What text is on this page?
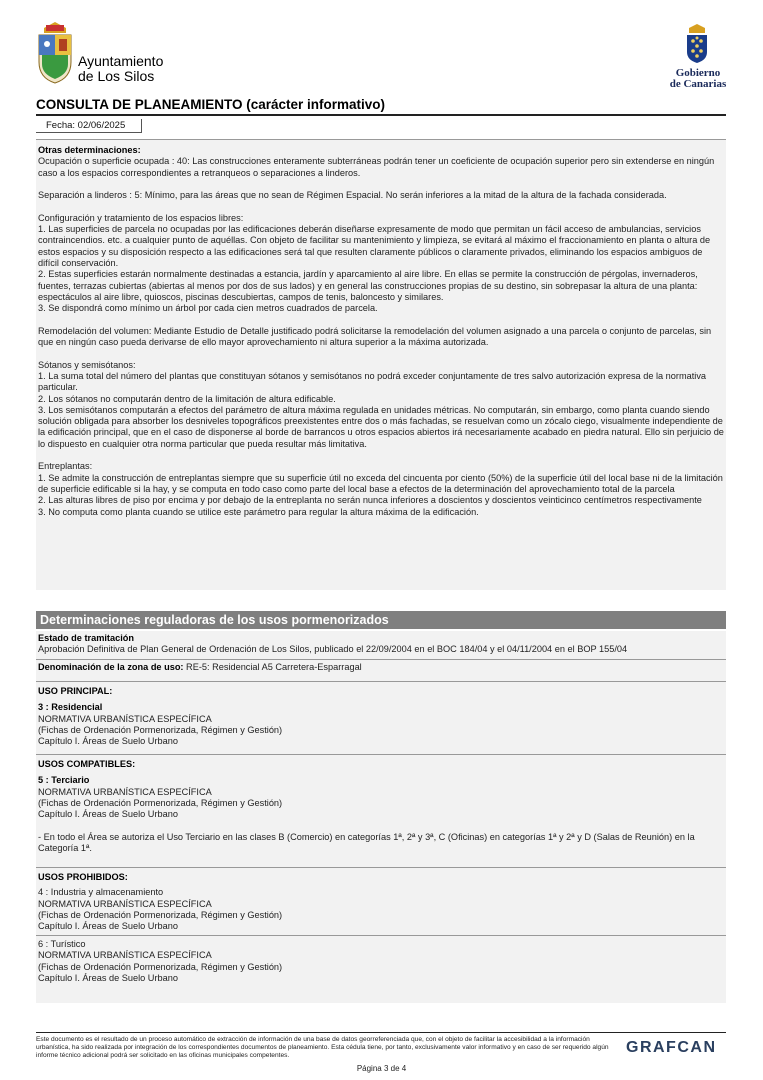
Ayuntamiento
de Los Silos	Gobierno
de Canarias
CONSULTA DE PLANEAMIENTO (carácter informativo)
Fecha: 02/06/2025

Otras determinaciones:

Ocupación o superficie ocupada : 40: Las construcciones enteramente subterráneas podrán tener un coeficiente de ocupación superior pero sin extenderse en ningún caso a los espacios correspondientes a retranqueos o separaciones a linderos.

Separación a linderos : 5: Mínimo, para las áreas que no sean de Régimen Espacial. No serán inferiores a la mitad de la altura de la fachada considerada.

Configuración y tratamiento de los espacios libres:

1. Las superficies de parcela no ocupadas por las edificaciones deberán diseñarse expresamente de modo que permitan un fácil acceso de ambulancias, servicios contraincendios. etc. a cualquier punto de aquéllas. Con objeto de facilitar su mantenimiento y limpieza, se evitará al máximo el fraccionamiento en planta o altura de estos espacios y su disposición respecto a las edificaciones será tal que resulten claramente públicos o claramente privados, eliminando los espacios ambiguos de difícil conservación.

2. Estas superficies estarán normalmente destinadas a estancia, jardín y aparcamiento al aire libre. En ellas se permite la construcción de pérgolas, invernaderos, fuentes, terrazas cubiertas (abiertas al menos por dos de sus lados) y en general las construcciones propias de su destino, sin sobrepasar la altura de una planta: espectáculos al aire libre, quioscos, piscinas descubiertas, campos de tenis, baloncesto y similares.

3. Se dispondrá como mínimo un árbol por cada cien metros cuadrados de parcela.

Remodelación del volumen: Mediante Estudio de Detalle justificado podrá solicitarse la remodelación del volumen asignado a una parcela o conjunto de parcelas, sin que en ningún caso pueda derivarse de ello mayor aprovechamiento ni altura superior a la máxima autorizada.

Sótanos y semisótanos:

1. La suma total del número del plantas que constituyan sótanos y semisótanos no podrá exceder conjuntamente de tres salvo autorización expresa de la normativa particular.

2. Los sótanos no computarán dentro de la limitación de altura edificable.

3. Los semisótanos computarán a efectos del parámetro de altura máxima regulada en unidades métricas. No computarán, sin embargo, como planta cuando siendo solución obligada para absorber los desniveles topográficos preexistentes entre dos o más fachadas, se resuelvan como un zócalo ciego, visualmente independiente de la edificación principal, que en el caso de disponerse al borde de barrancos u otros espacios abiertos irá necesariamente acabado en piedra natural. Ello sin perjuicio de lo dispuesto en cualquier otra norma particular que pueda resultar más limitativa.

Entreplantas:

1. Se admite la construcción de entreplantas siempre que su superficie útil no exceda del cincuenta por ciento (50%) de la superficie útil del local base ni de la limitación de superficie edificable si la hay, y se computa en todo caso como parte del local base a efectos de la determinación del aprovechamiento total de la parcela

2. Las alturas libres de piso por encima y por debajo de la entreplanta no serán nunca inferiores a doscientos y doscientos veinticinco centímetros respectivamente

3. No computa como planta cuando se utilice este parámetro para regular la altura máxima de la edificación.

Determinaciones reguladoras de los usos pormenorizados

Estado de tramitación

Aprobación Definitiva de Plan General de Ordenación de Los Silos, publicado el 22/09/2004 en el BOC 184/04 y el 04/11/2004 en el BOP 155/04

Denominación de la zona de uso: RE-5: Residencial A5 Carretera-Esparragal

USO PRINCIPAL:

3 : Residencial

NORMATIVA URBANÍSTICA ESPECÍFICA

(Fichas de Ordenación Pormenorizada, Régimen y Gestión)

Capítulo I. Áreas de Suelo Urbano

USOS COMPATIBLES:

5 : Terciario

NORMATIVA URBANÍSTICA ESPECÍFICA

(Fichas de Ordenación Pormenorizada, Régimen y Gestión)

Capítulo I. Áreas de Suelo Urbano

- En todo el Área se autoriza el Uso Terciario en las clases B (Comercio) en categorías 1ª, 2ª y 3ª, C (Oficinas) en categorías 1ª y 2ª y D (Salas de Reunión) en la Categoría 1ª.

USOS PROHIBIDOS:

4 : Industria y almacenamiento

NORMATIVA URBANÍSTICA ESPECÍFICA

(Fichas de Ordenación Pormenorizada, Régimen y Gestión)

Capítulo I. Áreas de Suelo Urbano

6 : Turístico

NORMATIVA URBANÍSTICA ESPECÍFICA

(Fichas de Ordenación Pormenorizada, Régimen y Gestión)

Capítulo I. Áreas de Suelo Urbano

Este documento es el resultado de un proceso automático de extracción de información de una base de datos georreferenciada que, con el objeto de facilitar la accesibilidad a la información urbanística, ha sido realizada por integración de los correspondientes documentos de planeamiento. Esta cédula tiene, por tanto, exclusivamente valor informativo y en caso de ser requerido algún informe técnico adicional podrá ser solicitado en las oficinas municipales competentes.	GRAFCAN
Página 3 de 4
